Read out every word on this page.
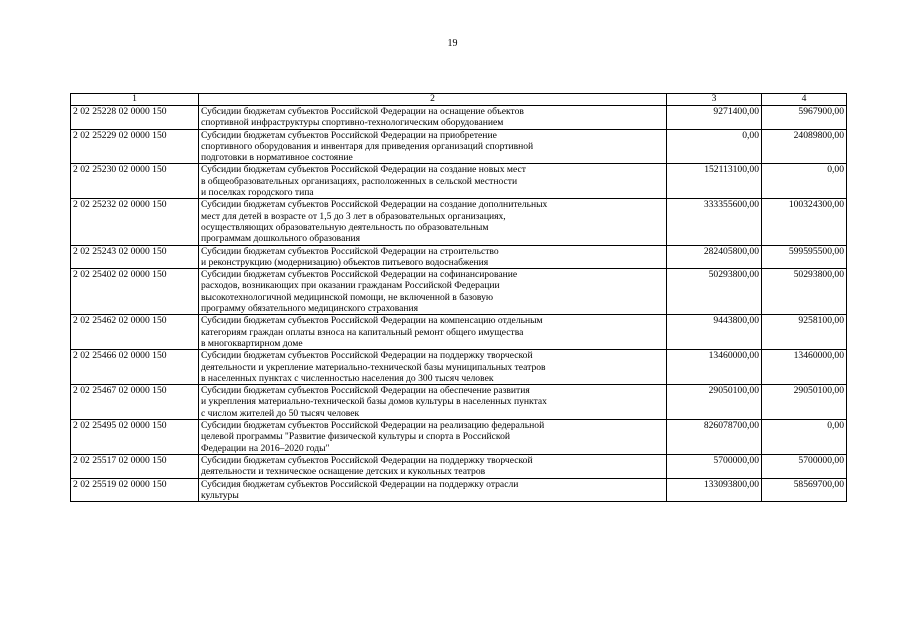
19
1	2	3	4
2 02 25228 02 0000 150	Субсидии бюджетам субъектов Российской Федерации на оснащение объектов
спортивной инфраструктуры спортивно-технологическим оборудованием	9271400,00	5967900,00
2 02 25229 02 0000 150	Субсидии бюджетам субъектов Российской Федерации на приобретение
спортивного оборудования и инвентаря для приведения организаций спортивной
подготовки в нормативное состояние	0,00	24089800,00
2 02 25230 02 0000 150	Субсидии бюджетам субъектов Российской Федерации на создание новых мест
в общеобразовательных организациях, расположенных в сельской местности
и поселках городского типа	152113100,00	0,00
2 02 25232 02 0000 150	Субсидии бюджетам субъектов Российской Федерации на создание дополнительных
мест для детей в возрасте от 1,5 до 3 лет в образовательных организациях,
осуществляющих образовательную деятельность по образовательным
программам дошкольного образования	333355600,00	100324300,00
2 02 25243 02 0000 150	Субсидии бюджетам субъектов Российской Федерации на строительство
и реконструкцию (модернизацию) объектов питьевого водоснабжения	282405800,00	599595500,00
2 02 25402 02 0000 150	Субсидии бюджетам субъектов Российской Федерации на софинансирование
расходов, возникающих при оказании гражданам Российской Федерации
высокотехнологичной медицинской помощи, не включенной в базовую
программу обязательного медицинского страхования	50293800,00	50293800,00
2 02 25462 02 0000 150	Субсидии бюджетам субъектов Российской Федерации на компенсацию отдельным
категориям граждан оплаты взноса на капитальный ремонт общего имущества
в многоквартирном доме	9443800,00	9258100,00
2 02 25466 02 0000 150	Субсидии бюджетам субъектов Российской Федерации на поддержку творческой
деятельности и укрепление материально-технической базы муниципальных театров
в населенных пунктах с численностью населения до 300 тысяч человек	13460000,00	13460000,00
2 02 25467 02 0000 150	Субсидии бюджетам субъектов Российской Федерации на обеспечение развития
и укрепления материально-технической базы домов культуры в населенных пунктах
с числом жителей до 50 тысяч человек	29050100,00	29050100,00
2 02 25495 02 0000 150	Субсидии бюджетам субъектов Российской Федерации на реализацию федеральной
целевой программы "Развитие физической культуры и спорта в Российской
Федерации на 2016–2020 годы"	826078700,00	0,00
2 02 25517 02 0000 150	Субсидии бюджетам субъектов Российской Федерации на поддержку творческой
деятельности и техническое оснащение детских и кукольных театров	5700000,00	5700000,00
2 02 25519 02 0000 150	Субсидия бюджетам субъектов Российской Федерации на поддержку отрасли
культуры	133093800,00	58569700,00
